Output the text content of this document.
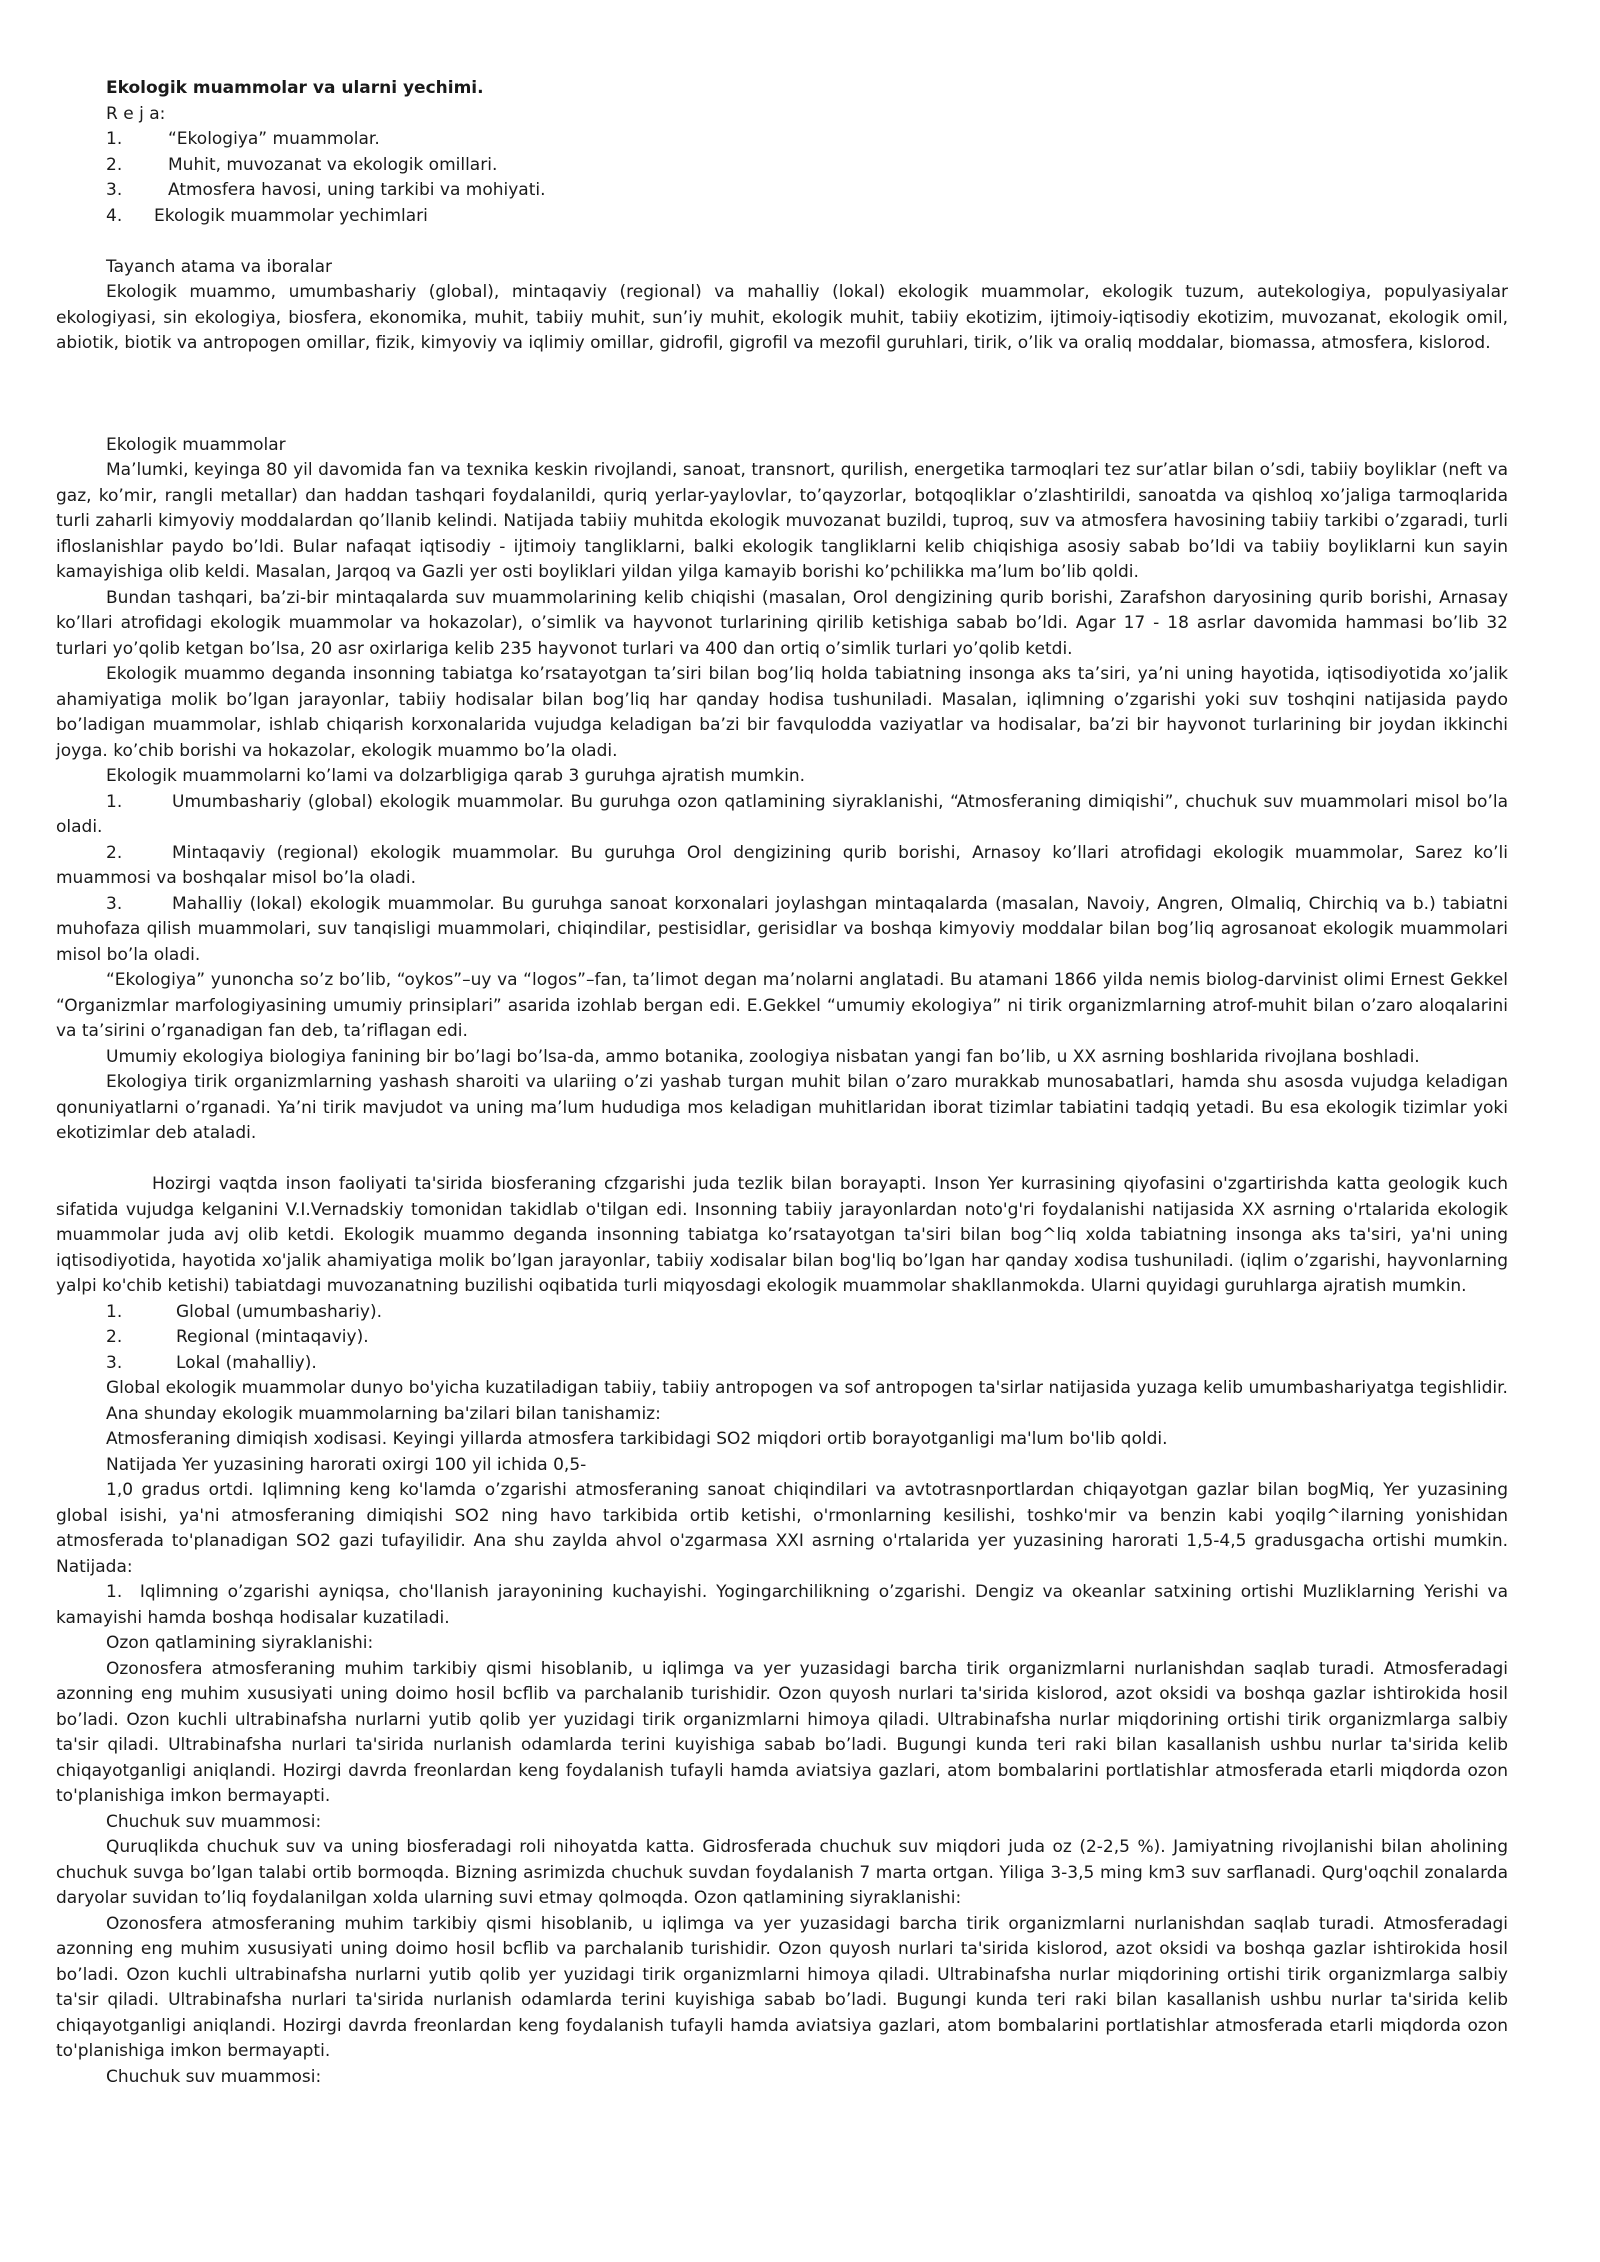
Ekologik muammolar va ularni yechimi.
R e j a:
1.	“Ekologiya” muammolar.
2.	Muhit, muvozanat va ekologik omillari.
3.	Atmosfera havosi, uning tarkibi va mohiyati.
4.	Ekologik muammolar yechimlari
Tayanch atama va iboralar
Ekologik muammo, umumbashariy (global), mintaqaviy (regional) va mahalliy (lokal) ekologik muammolar, ekologik tuzum, autekologiya, populyasiyalar ekologiyasi, sin ekologiya, biosfera, ekonomika, muhit, tabiiy muhit, sun’iy muhit, ekologik muhit, tabiiy ekotizim, ijtimoiy-iqtisodiy ekotizim, muvozanat, ekologik omil, abiotik, biotik va antropogen omillar, fizik, kimyoviy va iqlimiy omillar, gidrofil, gigrofil va mezofil guruhlari, tirik, o’lik va oraliq moddalar, biomassa, atmosfera, kislorod.
Ekologik muammolar
Ma’lumki, keyinga 80 yil davomida fan va texnika keskin rivojlandi, sanoat, transnort, qurilish, energetika tarmoqlari tez sur’atlar bilan o’sdi, tabiiy boyliklar (neft va gaz, ko’mir, rangli metallar) dan haddan tashqari foydalanildi, quriq yerlar-yaylovlar, to’qayzorlar, botqoqliklar o’zlashtirildi, sanoatda va qishloq xo’jaliga tarmoqlarida turli zaharli kimyoviy moddalardan qo’llanib kelindi. Natijada tabiiy muhitda ekologik muvozanat buzildi, tuproq, suv va atmosfera havosining tabiiy tarkibi o’zgaradi, turli ifloslanishlar paydo bo’ldi. Bular nafaqat iqtisodiy - ijtimoiy tangliklarni, balki ekologik tangliklarni kelib chiqishiga asosiy sabab bo’ldi va tabiiy boyliklarni kun sayin kamayishiga olib keldi. Masalan, Jarqoq va Gazli yer osti boyliklari yildan yilga kamayib borishi ko’pchilikka ma’lum bo’lib qoldi.
Bundan tashqari, ba’zi-bir mintaqalarda suv muammolarining kelib chiqishi (masalan, Orol dengizining qurib borishi, Zarafshon daryosining qurib borishi, Arnasay ko’llari atrofidagi ekologik muammolar va hokazolar), o’simlik va hayvonot turlarining qirilib ketishiga sabab bo’ldi. Agar 17 - 18 asrlar davomida hammasi bo’lib 32 turlari yo’qolib ketgan bo’lsa, 20 asr oxirlariga kelib 235 hayvonot turlari va 400 dan ortiq o’simlik turlari yo’qolib ketdi.
Ekologik muammo deganda insonning tabiatga ko’rsatayotgan ta’siri bilan bog’liq holda tabiatning insonga aks ta’siri, ya’ni uning hayotida, iqtisodiyotida xo’jalik ahamiyatiga molik bo’lgan jarayonlar, tabiiy hodisalar bilan bog’liq har qanday hodisa tushuniladi. Masalan, iqlimning o’zgarishi yoki suv toshqini natijasida paydo bo’ladigan muammolar, ishlab chiqarish korxonalarida vujudga keladigan ba’zi bir favqulodda vaziyatlar va hodisalar, ba’zi bir hayvonot turlarining bir joydan ikkinchi joyga. ko’chib borishi va hokazolar, ekologik muammo bo’la oladi.
Ekologik muammolarni ko’lami va dolzarbligiga qarab 3 guruhga ajratish mumkin.
1.	Umumbashariy (global) ekologik muammolar. Bu guruhga ozon qatlamining siyraklanishi, “Atmosferaning dimiqishi”, chuchuk suv muammolari misol bo’la oladi.
2.	Mintaqaviy (regional) ekologik muammolar. Bu guruhga Orol dengizining qurib borishi, Arnasoy ko’llari atrofidagi ekologik muammolar, Sarez ko’li muammosi va boshqalar misol bo’la oladi.
3.	Mahalliy (lokal) ekologik muammolar. Bu guruhga sanoat korxonalari joylashgan mintaqalarda (masalan, Navoiy, Angren, Olmaliq, Chirchiq va b.) tabiatni muhofaza qilish muammolari, suv tanqisligi muammolari, chiqindilar, pestisidlar, gerisidlar va boshqa kimyoviy moddalar bilan bog’liq agrosanoat ekologik muammolari misol bo’la oladi.
“Ekologiya” yunoncha so’z bo’lib, “oykos”–uy va “logos”–fan, ta’limot degan ma’nolarni anglatadi. Bu atamani 1866 yilda nemis biolog-darvinist olimi Ernest Gekkel “Organizmlar marfologiyasining umumiy prinsiplari” asarida izohlab bergan edi. E.Gekkel “umumiy ekologiya” ni tirik organizmlarning atrof-muhit bilan o’zaro aloqalarini va ta’sirini o’rganadigan fan deb, ta’riflagan edi.
Umumiy ekologiya biologiya fanining bir bo’lagi bo’lsa-da, ammo botanika, zoologiya nisbatan yangi fan bo’lib, u XX asrning boshlarida rivojlana boshladi.
Ekologiya tirik organizmlarning yashash sharoiti va ulariing o’zi yashab turgan muhit bilan o’zaro murakkab munosabatlari, hamda shu asosda vujudga keladigan qonuniyatlarni o’rganadi. Ya’ni tirik mavjudot va uning ma’lum hududiga mos keladigan muhitlaridan iborat tizimlar tabiatini tadqiq yetadi. Bu esa ekologik tizimlar yoki ekotizimlar deb ataladi.
Hozirgi vaqtda inson faoliyati ta'sirida biosferaning cfzgarishi juda tezlik bilan borayapti. Inson Yer kurrasining qiyofasini o'zgartirishda katta geologik kuch sifatida vujudga kelganini V.I.Vernadskiy tomonidan takidlab o'tilgan edi. Insonning tabiiy jarayonlardan noto'g'ri foydalanishi natijasida XX asrning o'rtalarida ekologik muammolar juda avj olib ketdi. Ekologik muammo deganda insonning tabiatga ko’rsatayotgan ta'siri bilan bog^liq xolda tabiatning insonga aks ta'siri, ya'ni uning iqtisodiyotida, hayotida xo'jalik ahamiyatiga molik bo’lgan jarayonlar, tabiiy xodisalar bilan bog'liq bo’lgan har qanday xodisa tushuniladi. (iqlim o’zgarishi, hayvonlarning yalpi ko'chib ketishi) tabiatdagi muvozanatning buzilishi oqibatida turli miqyosdagi ekologik muammolar shakllanmokda. Ularni quyidagi guruhlarga ajratish mumkin.
1.	Global (umumbashariy).
2.	Regional (mintaqaviy).
3.	Lokal (mahalliy).
Global ekologik muammolar dunyo bo'yicha kuzatiladigan tabiiy, tabiiy antropogen va sof antropogen ta'sirlar natijasida yuzaga kelib umumbashariyatga tegishlidir.
Ana shunday ekologik muammolarning ba'zilari bilan tanishamiz:
Atmosferaning dimiqish xodisasi. Keyingi yillarda atmosfera tarkibidagi SO2 miqdori ortib borayotganligi ma'lum bo'lib qoldi.
Natijada Yer yuzasining harorati oxirgi 100 yil ichida 0,5-
1,0 gradus ortdi. Iqlimning keng ko'lamda o’zgarishi atmosferaning sanoat chiqindilari va avtotrasnportlardan chiqayotgan gazlar bilan bogMiq, Yer yuzasining global isishi, ya'ni atmosferaning dimiqishi SO2 ning havo tarkibida ortib ketishi, o'rmonlarning kesilishi, toshko'mir va benzin kabi yoqilg^ilarning yonishidan atmosferada to'planadigan SO2 gazi tufayilidir. Ana shu zaylda ahvol o'zgarmasa XXI asrning o'rtalarida yer yuzasining harorati 1,5-4,5 gradusgacha ortishi mumkin. Natijada:
1. Iqlimning o’zgarishi ayniqsa, cho'llanish jarayonining kuchayishi. Yogingarchilikning o’zgarishi. Dengiz va okeanlar satxining ortishi Muzliklarning Yerishi va kamayishi hamda boshqa hodisalar kuzatiladi.
Ozon qatlamining siyraklanishi:
Ozonosfera atmosferaning muhim tarkibiy qismi hisoblanib, u iqlimga va yer yuzasidagi barcha tirik organizmlarni nurlanishdan saqlab turadi. Atmosferadagi azonning eng muhim xususiyati uning doimo hosil bcflib va parchalanib turishidir. Ozon quyosh nurlari ta'sirida kislorod, azot oksidi va boshqa gazlar ishtirokida hosil bo’ladi. Ozon kuchli ultrabinafsha nurlarni yutib qolib yer yuzidagi tirik organizmlarni himoya qiladi. Ultrabinafsha nurlar miqdorining ortishi tirik organizmlarga salbiy ta'sir qiladi. Ultrabinafsha nurlari ta'sirida nurlanish odamlarda terini kuyishiga sabab bo’ladi. Bugungi kunda teri raki bilan kasallanish ushbu nurlar ta'sirida kelib chiqayotganligi aniqlandi. Hozirgi davrda freonlardan keng foydalanish tufayli hamda aviatsiya gazlari, atom bombalarini portlatishlar atmosferada etarli miqdorda ozon to'planishiga imkon bermayapti.
Chuchuk suv muammosi:
Quruqlikda chuchuk suv va uning biosferadagi roli nihoyatda katta. Gidrosferada chuchuk suv miqdori juda oz (2-2,5 %). Jamiyatning rivojlanishi bilan aholining chuchuk suvga bo’lgan talabi ortib bormoqda. Bizning asrimizda chuchuk suvdan foydalanish 7 marta ortgan. Yiliga 3-3,5 ming km3 suv sarflanadi. Qurg'oqchil zonalarda daryolar suvidan to’liq foydalanilgan xolda ularning suvi etmay qolmoqda. Ozon qatlamining siyraklanishi:
Ozonosfera atmosferaning muhim tarkibiy qismi hisoblanib, u iqlimga va yer yuzasidagi barcha tirik organizmlarni nurlanishdan saqlab turadi. Atmosferadagi azonning eng muhim xususiyati uning doimo hosil bcflib va parchalanib turishidir. Ozon quyosh nurlari ta'sirida kislorod, azot oksidi va boshqa gazlar ishtirokida hosil bo’ladi. Ozon kuchli ultrabinafsha nurlarni yutib qolib yer yuzidagi tirik organizmlarni himoya qiladi. Ultrabinafsha nurlar miqdorining ortishi tirik organizmlarga salbiy ta'sir qiladi. Ultrabinafsha nurlari ta'sirida nurlanish odamlarda terini kuyishiga sabab bo’ladi. Bugungi kunda teri raki bilan kasallanish ushbu nurlar ta'sirida kelib chiqayotganligi aniqlandi. Hozirgi davrda freonlardan keng foydalanish tufayli hamda aviatsiya gazlari, atom bombalarini portlatishlar atmosferada etarli miqdorda ozon to'planishiga imkon bermayapti.
Chuchuk suv muammosi:
